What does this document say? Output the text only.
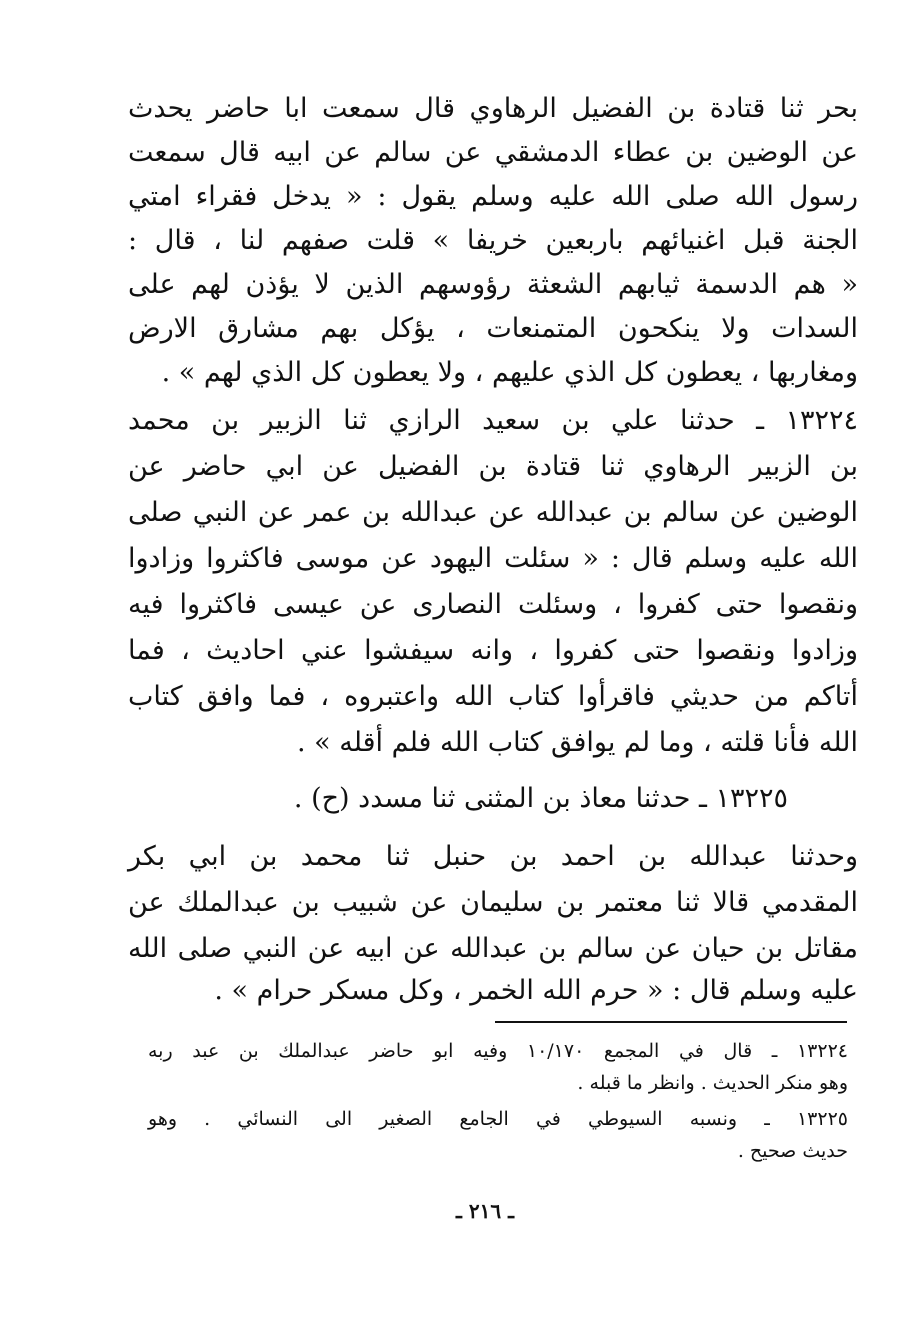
بحر ثنا قتادة بن الفضيل الرهاوي قال سمعت ابا حاضر يحدث
عن الوضين بن عطاء الدمشقي عن سالم عن ابيه قال سمعت
رسول الله صلى الله عليه وسلم يقول : « يدخل فقراء امتي
الجنة قبل اغنيائهم باربعين خريفا » قلت صفهم لنا ، قال :
« هم الدسمة ثيابهم الشعثة رؤوسهم الذين لا يؤذن لهم على
السدات ولا ينكحون المتمنعات ، يؤكل بهم مشارق الارض
ومغاربها ، يعطون كل الذي عليهم ، ولا يعطون كل الذي لهم » .
١٣٢٢٤ ـ حدثنا علي بن سعيد الرازي ثنا الزبير بن محمد
بن الزبير الرهاوي ثنا قتادة بن الفضيل عن ابي حاضر عن
الوضين عن سالم بن عبدالله عن عبدالله بن عمر عن النبي صلى
الله عليه وسلم قال : « سئلت اليهود عن موسى فاكثروا وزادوا
ونقصوا حتى كفروا ، وسئلت النصارى عن عيسى فاكثروا فيه
وزادوا ونقصوا حتى كفروا ، وانه سيفشوا عني احاديث ، فما
أتاكم من حديثي فاقرأوا كتاب الله واعتبروه ، فما وافق كتاب
الله فأنا قلته ، وما لم يوافق كتاب الله فلم أقله » .
١٣٢٢٥ ـ حدثنا معاذ بن المثنى ثنا مسدد (ح) .
وحدثنا عبدالله بن احمد بن حنبل ثنا محمد بن ابي بكر
المقدمي قالا ثنا معتمر بن سليمان عن شبيب بن عبدالملك عن
مقاتل بن حيان عن سالم بن عبدالله عن ابيه عن النبي صلى الله
عليه وسلم قال : « حرم الله الخمر ، وكل مسكر حرام » .
١٣٢٢٤ ـ قال في المجمع ١٠/١٧٠ وفيه ابو حاضر عبدالملك بن عبد ربه
وهو منكر الحديث . وانظر ما قبله .
١٣٢٢٥ ـ ونسبه السيوطي في الجامع الصغير الى النسائي . وهو
حديث صحيح .
ـ ٢١٦ ـ
